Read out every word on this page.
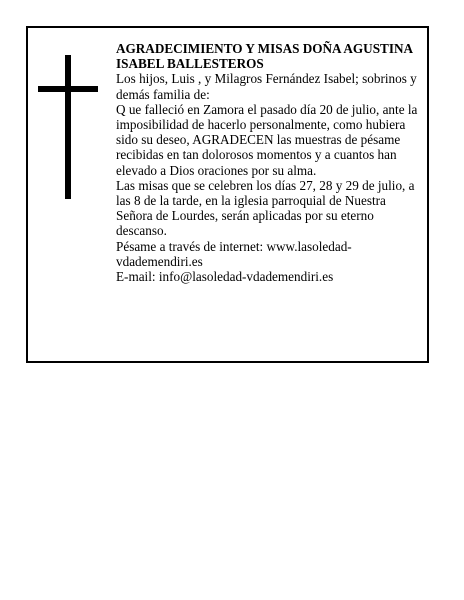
AGRADECIMIENTO Y MISAS DOÑA AGUSTINA ISABEL BALLESTEROS

Los hijos, Luis , y Milagros Fernández Isabel; sobrinos y demás familia de:

Q ue falleció en Zamora el pasado día 20 de julio, ante la imposibilidad de hacerlo personalmente, como hubiera sido su deseo, AGRADECEN las muestras de pésame recibidas en tan dolorosos momentos y a cuantos han elevado a Dios oraciones por su alma.

Las misas que se celebren los días 27, 28 y 29 de julio, a las 8 de la tarde, en la iglesia parroquial de Nuestra Señora de Lourdes, serán aplicadas por su eterno descanso.

Pésame a través de internet: www.lasoledad-vdademendiri.es

E-mail: info@lasoledad-vdademendiri.es
